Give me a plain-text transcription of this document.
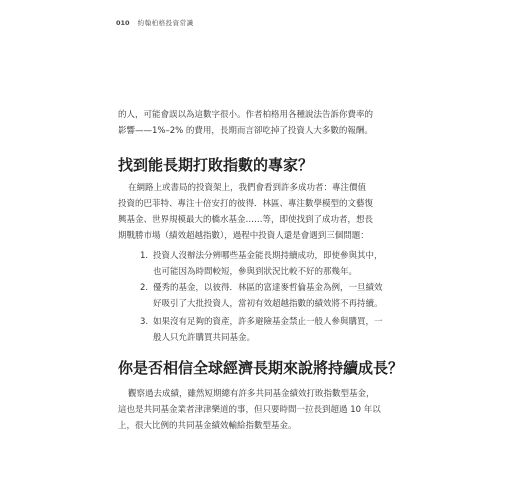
010 約翰柏格投資常識
的人，可能會誤以為這數字很小。作者柏格用各種說法告訴你費率的
影響——1%–2% 的費用，長期而言卻吃掉了投資人大多數的報酬。
找到能長期打敗指數的專家？
在網路上或書局的投資架上，我們會看到許多成功者：專注價值
投資的巴菲特、專注十倍安打的彼得．林區、專注數學模型的文藝復
興基金、世界規模最大的橋水基金……等，即使找到了成功者，想長
期戰勝市場（績效超越指數），過程中投資人還是會遇到三個問題：
1. 投資人沒辦法分辨哪些基金能長期持續成功，即使參與其中，
也可能因為時間較短，參與到狀況比較不好的那幾年。
2. 優秀的基金，以彼得．林區的富達麥哲倫基金為例，一旦績效
好吸引了大批投資人，當初有效超越指數的績效將不再持續。
3. 如果沒有足夠的資產，許多避險基金禁止一般人參與購買，一
般人只允許購買共同基金。
你是否相信全球經濟長期來說將持續成長？
觀察過去成績，雖然短期總有許多共同基金績效打敗指數型基金，
這也是共同基金業者津津樂道的事，但只要時間一拉長到超過 10 年以
上，很大比例的共同基金績效輸給指數型基金。
